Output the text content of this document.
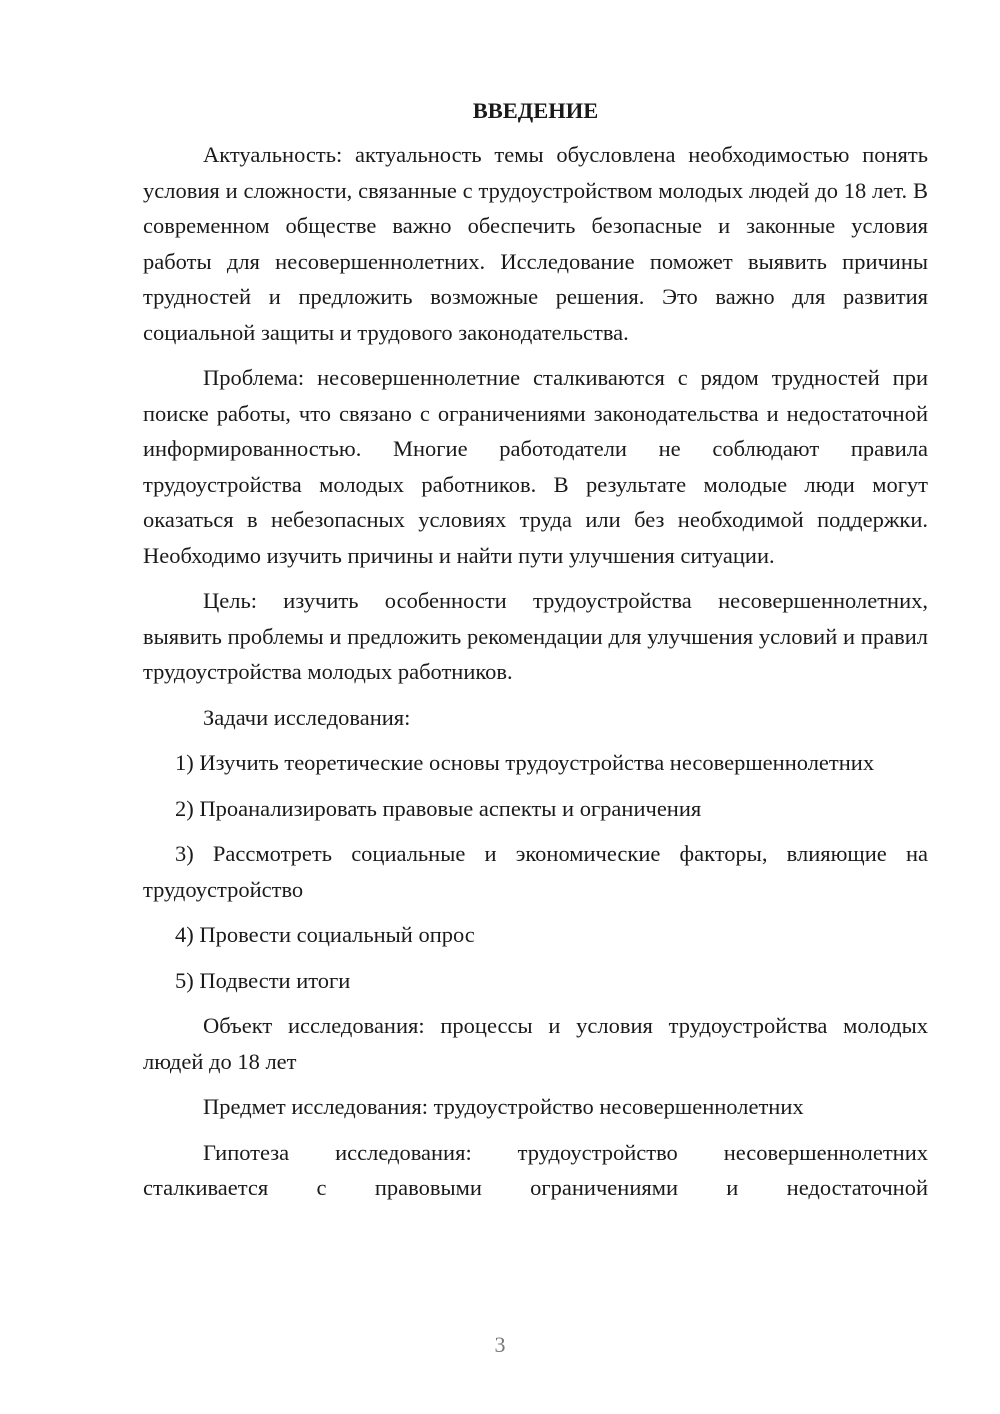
ВВЕДЕНИЕ

Актуальность: актуальность темы обусловлена необходимостью понять условия и сложности, связанные с трудоустройством молодых людей до 18 лет. В современном обществе важно обеспечить безопасные и законные условия работы для несовершеннолетних. Исследование поможет выявить причины трудностей и предложить возможные решения. Это важно для развития социальной защиты и трудового законодательства.

Проблема: несовершеннолетние сталкиваются с рядом трудностей при поиске работы, что связано с ограничениями законодательства и недостаточной информированностью. Многие работодатели не соблюдают правила трудоустройства молодых работников. В результате молодые люди могут оказаться в небезопасных условиях труда или без необходимой поддержки. Необходимо изучить причины и найти пути улучшения ситуации.

Цель: изучить особенности трудоустройства несовершеннолетних, выявить проблемы и предложить рекомендации для улучшения условий и правил трудоустройства молодых работников.

Задачи исследования:

1) Изучить теоретические основы трудоустройства несовершеннолетних

2) Проанализировать правовые аспекты и ограничения

3) Рассмотреть социальные и экономические факторы, влияющие на трудоустройство

4) Провести социальный опрос

5) Подвести итоги

Объект исследования: процессы и условия трудоустройства молодых людей до 18 лет

Предмет исследования: трудоустройство несовершеннолетних

Гипотеза исследования: трудоустройство несовершеннолетних сталкивается с правовыми ограничениями и недостаточной

3
